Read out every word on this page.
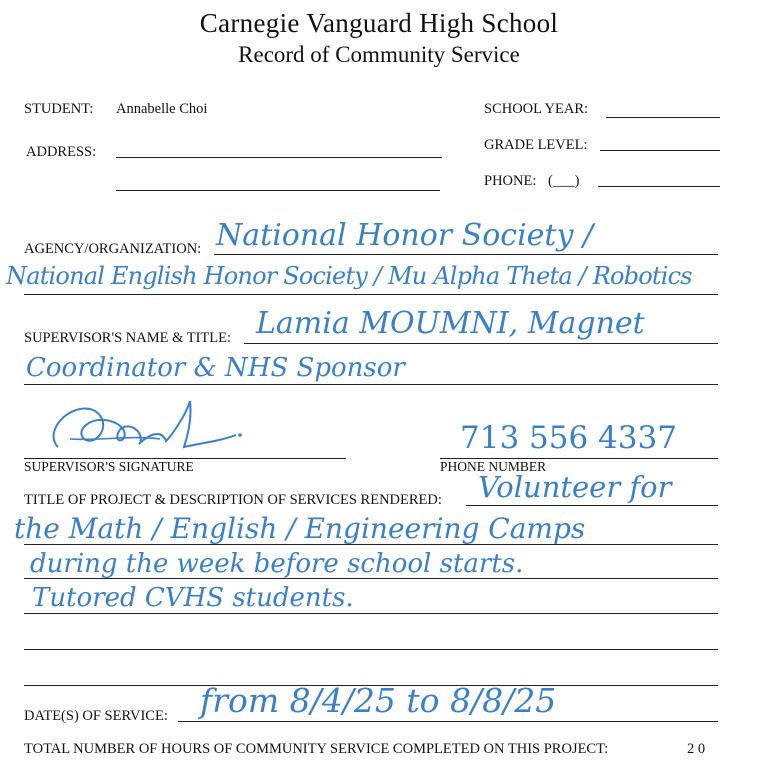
Carnegie Vanguard High School
Record of Community Service
STUDENT: Annabelle Choi	SCHOOL YEAR:
ADDRESS:	GRADE LEVEL:
PHONE: (___)
AGENCY/ORGANIZATION: National Honor Society /
National English Honor Society / Mu Alpha Theta / Robotics
SUPERVISOR'S NAME & TITLE: Lamia MOUMNI, Magnet
Coordinator & NHS Sponsor
SUPERVISOR'S SIGNATURE
713 556 4337
PHONE NUMBER
TITLE OF PROJECT & DESCRIPTION OF SERVICES RENDERED: Volunteer for
the Math / English / Engineering Camps
during the week before school starts.
Tutored CVHS students.
DATE(S) OF SERVICE: from 8/4/25 to 8/8/25
TOTAL NUMBER OF HOURS OF COMMUNITY SERVICE COMPLETED ON THIS PROJECT:	2 0
